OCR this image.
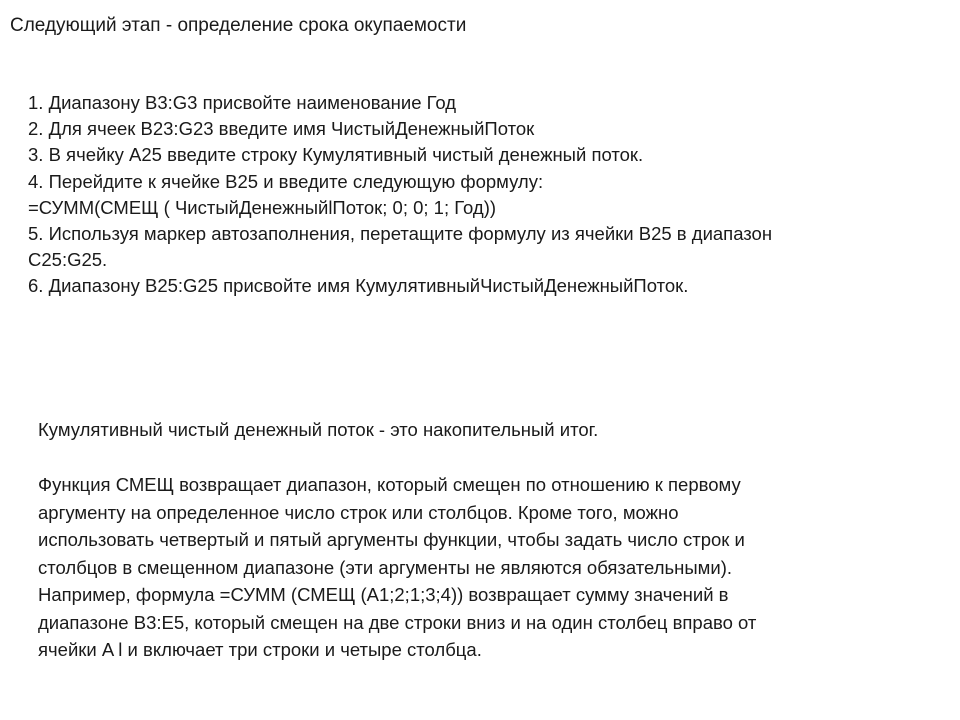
Следующий этап - определение срока окупаемости
1. Диапазону B3:G3 присвойте наименование Год
2. Для ячеек B23:G23 введите имя ЧистыйДенежныйПоток
3. В ячейку А25 введите строку Кумулятивный чистый денежный поток.
4. Перейдите к ячейке B25 и введите следующую формулу:
=СУММ(СМЕЩ ( ЧистыйДенежныйlПоток; 0; 0; 1; Год))
5. Используя маркер автозаполнения, перетащите формулу из ячейки B25 в диапазон
C25:G25.
6. Диапазону B25:G25 присвойте имя КумулятивныйЧистыйДенежныйПоток.

Кумулятивный чистый денежный поток - это накопительный итог.

Функция СМЕЩ возвращает диапазон, который смещен по отношению к первому

аргументу на определенное число строк или столбцов. Кроме того, можно

использовать четвертый и пятый аргументы функции, чтобы задать число строк и

столбцов в смещенном диапазоне (эти аргументы не являются обязательными).

Например, формула =СУММ (СМЕЩ (A1;2;1;3;4)) возвращает сумму значений в

диапазоне B3:E5, который смещен на две строки вниз и на один столбец вправо от

ячейки A l и включает три строки и четыре столбца.
